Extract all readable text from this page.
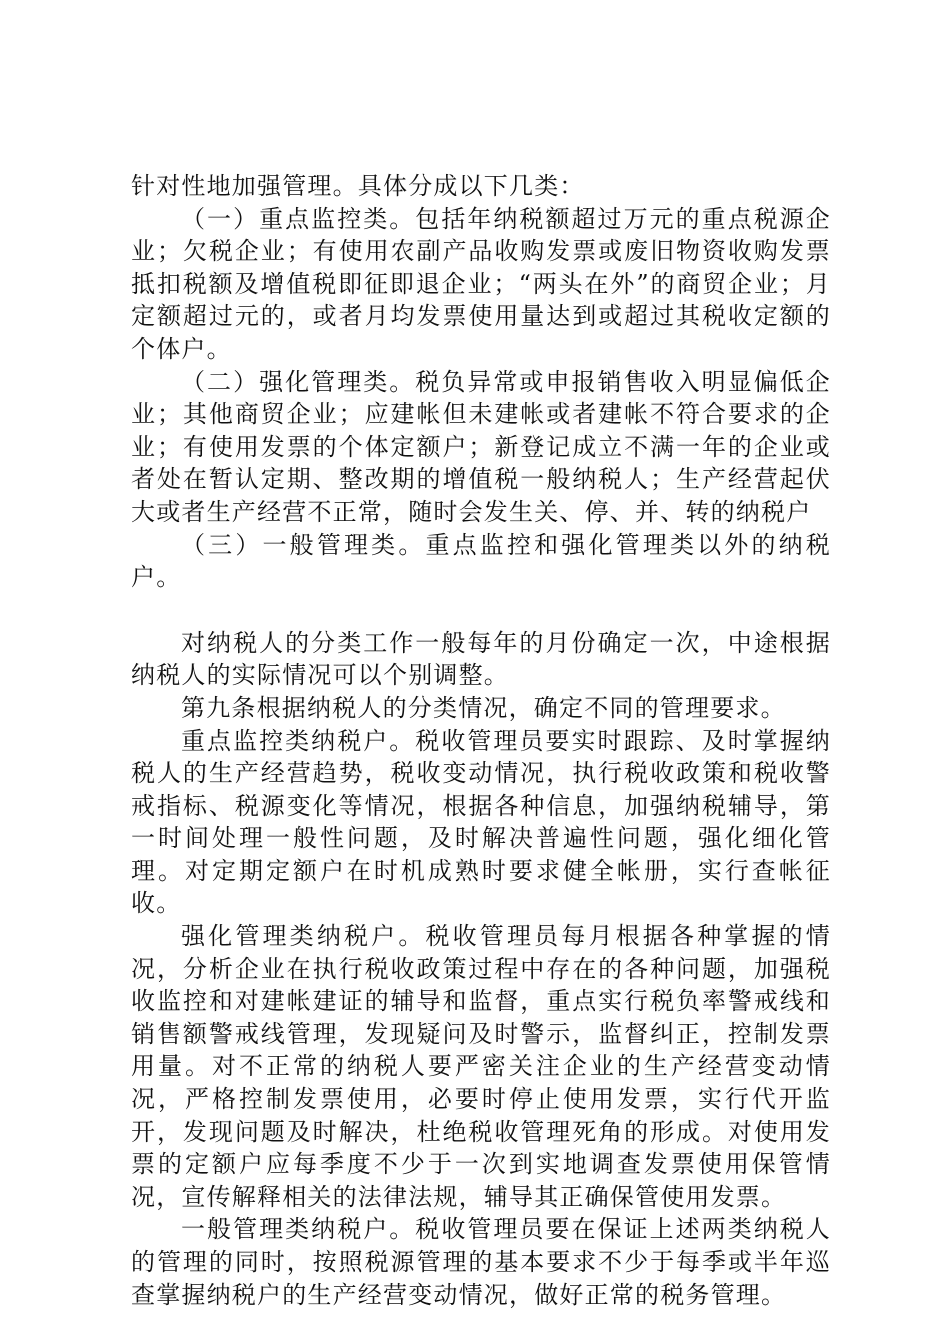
针对性地加强管理。具体分成以下几类：

（一）重点监控类。包括年纳税额超过万元的重点税源企业；欠税企业；有使用农副产品收购发票或废旧物资收购发票抵扣税额及增值税即征即退企业；“两头在外”的商贸企业；月定额超过元的，或者月均发票使用量达到或超过其税收定额的个体户。

（二）强化管理类。税负异常或申报销售收入明显偏低企业；其他商贸企业；应建帐但未建帐或者建帐不符合要求的企业；有使用发票的个体定额户；新登记成立不满一年的企业或者处在暂认定期、整改期的增值税一般纳税人；生产经营起伏大或者生产经营不正常，随时会发生关、停、并、转的纳税户

（三）一般管理类。重点监控和强化管理类以外的纳税户。

对纳税人的分类工作一般每年的月份确定一次，中途根据纳税人的实际情况可以个别调整。

第九条根据纳税人的分类情况，确定不同的管理要求。

重点监控类纳税户。税收管理员要实时跟踪、及时掌握纳税人的生产经营趋势，税收变动情况，执行税收政策和税收警戒指标、税源变化等情况，根据各种信息，加强纳税辅导，第一时间处理一般性问题，及时解决普遍性问题，强化细化管理。对定期定额户在时机成熟时要求健全帐册，实行查帐征收。

强化管理类纳税户。税收管理员每月根据各种掌握的情况，分析企业在执行税收政策过程中存在的各种问题，加强税收监控和对建帐建证的辅导和监督，重点实行税负率警戒线和销售额警戒线管理，发现疑问及时警示，监督纠正，控制发票用量。对不正常的纳税人要严密关注企业的生产经营变动情况，严格控制发票使用，必要时停止使用发票，实行代开监开，发现问题及时解决，杜绝税收管理死角的形成。对使用发票的定额户应每季度不少于一次到实地调查发票使用保管情况，宣传解释相关的法律法规，辅导其正确保管使用发票。

一般管理类纳税户。税收管理员要在保证上述两类纳税人的管理的同时，按照税源管理的基本要求不少于每季或半年巡查掌握纳税户的生产经营变动情况，做好正常的税务管理。
